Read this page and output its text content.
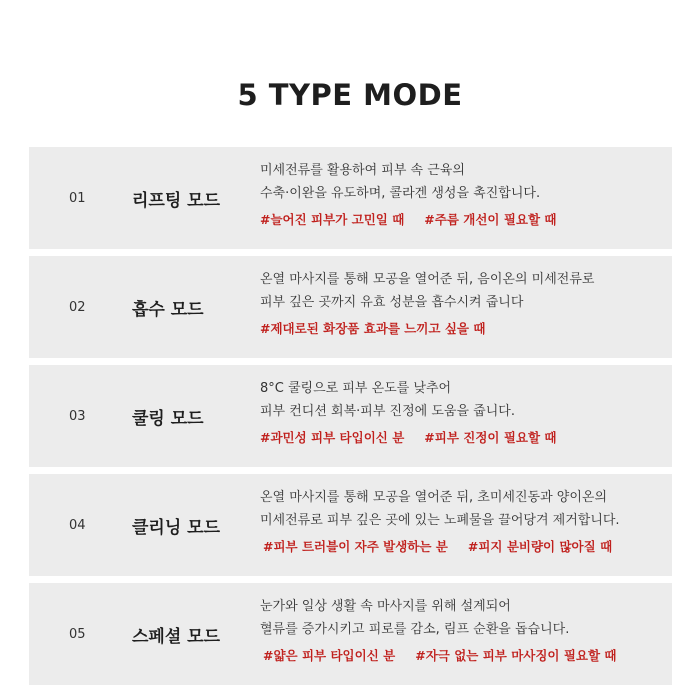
5 TYPE MODE
01	리프팅 모드
미세전류를 활용하여 피부 속 근육의
수축·이완을 유도하며, 콜라겐 생성을 촉진합니다.
#늘어진 피부가 고민일 때 #주름 개선이 필요할 때
02	흡수 모드
온열 마사지를 통해 모공을 열어준 뒤, 음이온의 미세전류로
피부 깊은 곳까지 유효 성분을 흡수시켜 줍니다
#제대로된 화장품 효과를 느끼고 싶을 때
03	쿨링 모드
8°C 쿨링으로 피부 온도를 낮추어
피부 컨디션 회복·피부 진정에 도움을 줍니다.
#과민성 피부 타입이신 분 #피부 진정이 필요할 때
04	클리닝 모드
온열 마사지를 통해 모공을 열어준 뒤, 초미세진동과 양이온의
미세전류로 피부 깊은 곳에 있는 노폐물을 끌어당겨 제거합니다.
#피부 트러블이 자주 발생하는 분 #피지 분비량이 많아질 때
05	스페셜 모드
눈가와 일상 생활 속 마사지를 위해 설계되어
혈류를 증가시키고 피로를 감소, 림프 순환을 돕습니다.
#얇은 피부 타입이신 분 #자극 없는 피부 마사징이 필요할 때
